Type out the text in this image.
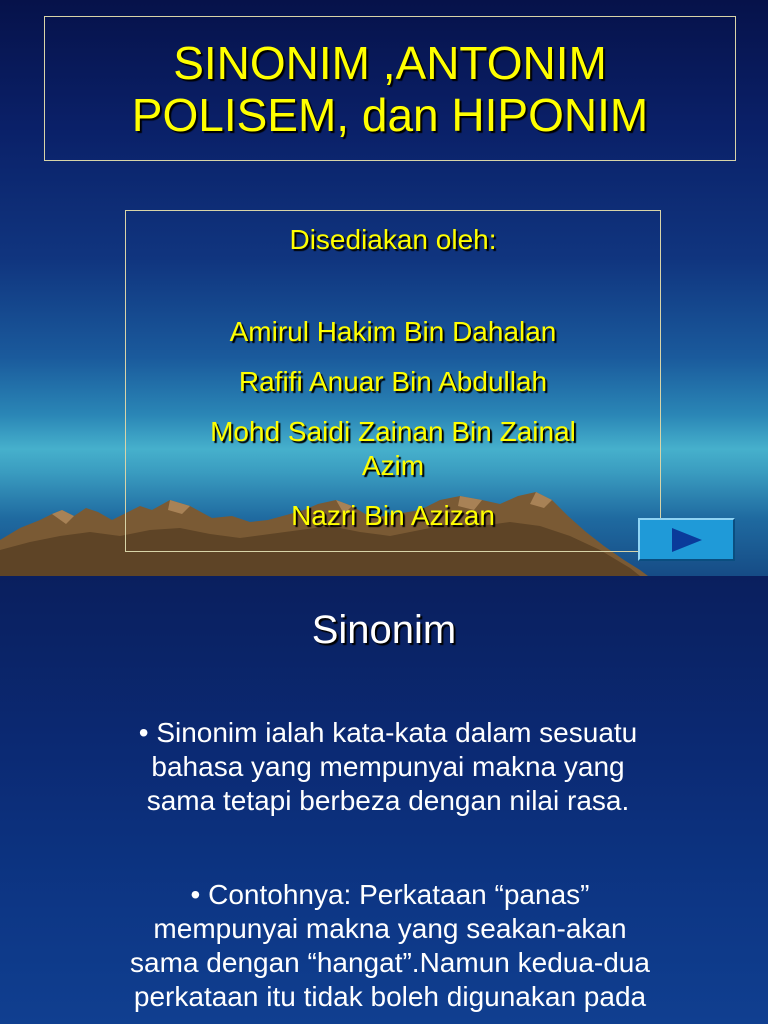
SINONIM ,ANTONIM
POLISEM, dan HIPONIM
Disediakan oleh:
Amirul Hakim Bin Dahalan
Rafifi Anuar Bin Abdullah
Mohd Saidi Zainan Bin Zainal
Azim
Nazri Bin Azizan
Sinonim
• Sinonim ialah kata-kata dalam sesuatu
bahasa yang mempunyai makna yang
sama tetapi berbeza dengan nilai rasa.
• Contohnya: Perkataan “panas”
mempunyai makna yang seakan-akan
sama dengan “hangat”.Namun kedua-dua
perkataan itu tidak boleh digunakan pada
